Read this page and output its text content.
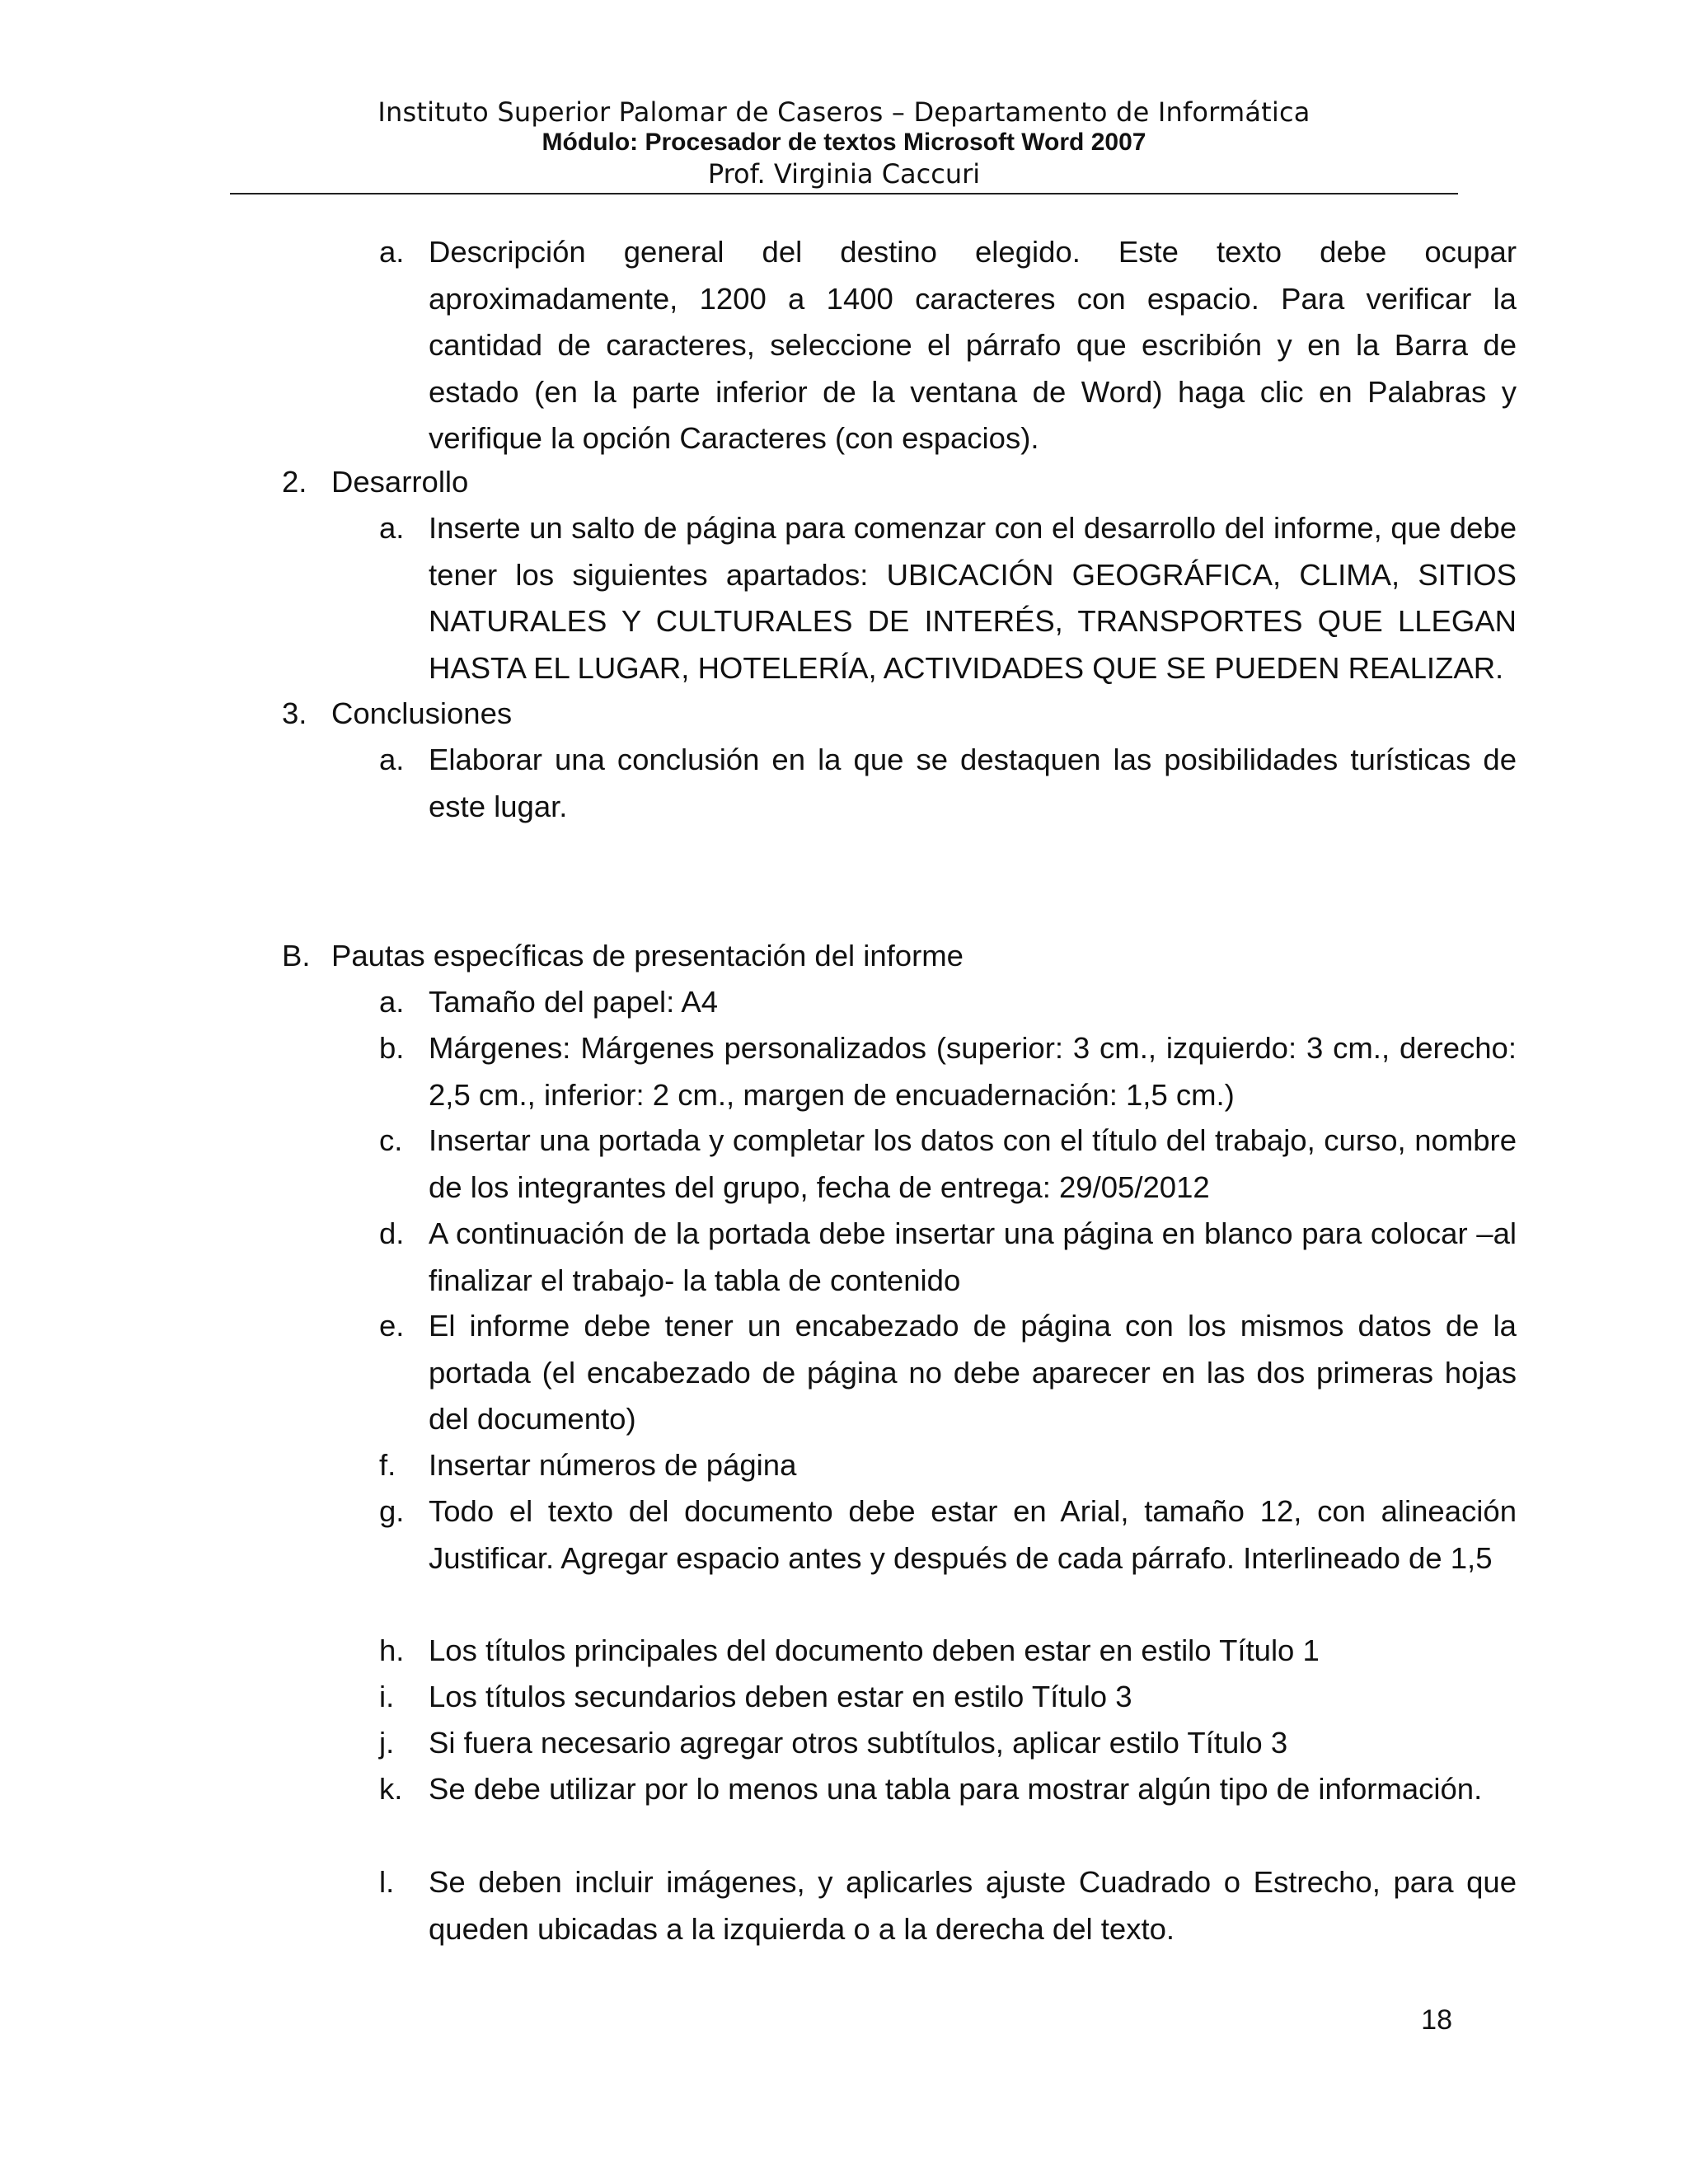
Instituto Superior Palomar de Caseros – Departamento de Informática
Módulo: Procesador de textos Microsoft Word 2007
Prof. Virginia Caccuri
a. Descripción general del destino elegido. Este texto debe ocupar aproximadamente, 1200 a 1400 caracteres con espacio. Para verificar la cantidad de caracteres, seleccione el párrafo que escribión y en la Barra de estado (en la parte inferior de la ventana de Word) haga clic en Palabras y verifique la opción Caracteres (con espacios).
2. Desarrollo
a. Inserte un salto de página para comenzar con el desarrollo del informe, que debe tener los siguientes apartados: UBICACIÓN GEOGRÁFICA, CLIMA, SITIOS NATURALES Y CULTURALES DE INTERÉS, TRANSPORTES QUE LLEGAN HASTA EL LUGAR, HOTELERÍA, ACTIVIDADES QUE SE PUEDEN REALIZAR.
3. Conclusiones
a. Elaborar una conclusión en la que se destaquen las posibilidades turísticas de este lugar.
B. Pautas específicas de presentación del informe
a. Tamaño del papel: A4
b. Márgenes: Márgenes personalizados (superior: 3 cm., izquierdo: 3 cm., derecho: 2,5 cm., inferior: 2 cm., margen de encuadernación: 1,5 cm.)
c. Insertar una portada y completar los datos con el título del trabajo, curso, nombre de los integrantes del grupo, fecha de entrega: 29/05/2012
d. A continuación de la portada debe insertar una página en blanco para colocar –al finalizar el trabajo- la tabla de contenido
e. El informe debe tener un encabezado de página con los mismos datos de la portada (el encabezado de página no debe aparecer en las dos primeras hojas del documento)
f. Insertar números de página
g. Todo el texto del documento debe estar en Arial, tamaño 12, con alineación Justificar. Agregar espacio antes y después de cada párrafo. Interlineado de 1,5
h. Los títulos principales del documento deben estar en estilo Título 1
i. Los títulos secundarios deben estar en estilo Título 3
j. Si fuera necesario agregar otros subtítulos, aplicar estilo Título 3
k. Se debe utilizar por lo menos una tabla para mostrar algún tipo de información.
l. Se deben incluir imágenes, y aplicarles ajuste Cuadrado o Estrecho, para que queden ubicadas a la izquierda o a la derecha del texto.
18
